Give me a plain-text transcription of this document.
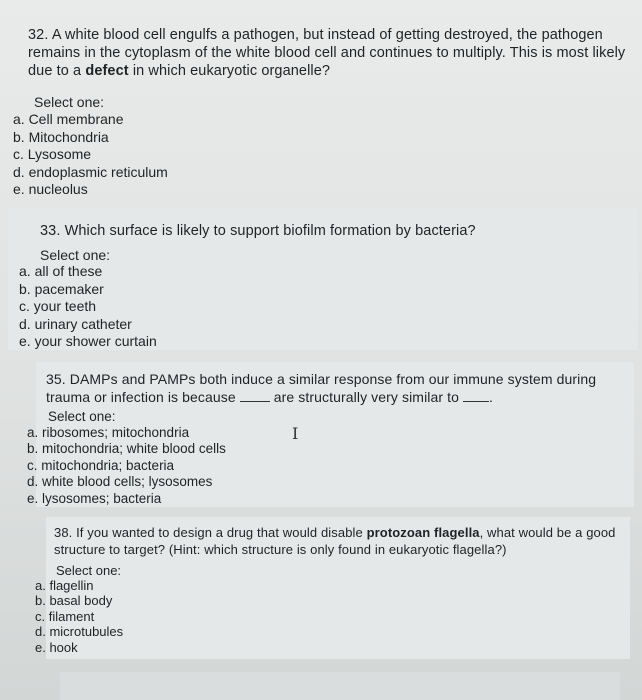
32. A white blood cell engulfs a pathogen, but instead of getting destroyed, the pathogen remains in the cytoplasm of the white blood cell and continues to multiply. This is most likely due to a defect in which eukaryotic organelle?
Select one:
a. Cell membrane
b. Mitochondria
c. Lysosome
d. endoplasmic reticulum
e. nucleolus
33. Which surface is likely to support biofilm formation by bacteria?
Select one:
a. all of these
b. pacemaker
c. your teeth
d. urinary catheter
e. your shower curtain
35. DAMPs and PAMPs both induce a similar response from our immune system during trauma or infection is because	are structurally very similar to .
Select one:
a. ribosomes; mitochondria
b. mitochondria; white blood cells
c. mitochondria; bacteria
d. white blood cells; lysosomes
e. lysosomes; bacteria
I
38. If you wanted to design a drug that would disable protozoan flagella, what would be a good structure to target? (Hint: which structure is only found in eukaryotic flagella?)
Select one:
a. flagellin
b. basal body
c. filament
d. microtubules
e. hook
